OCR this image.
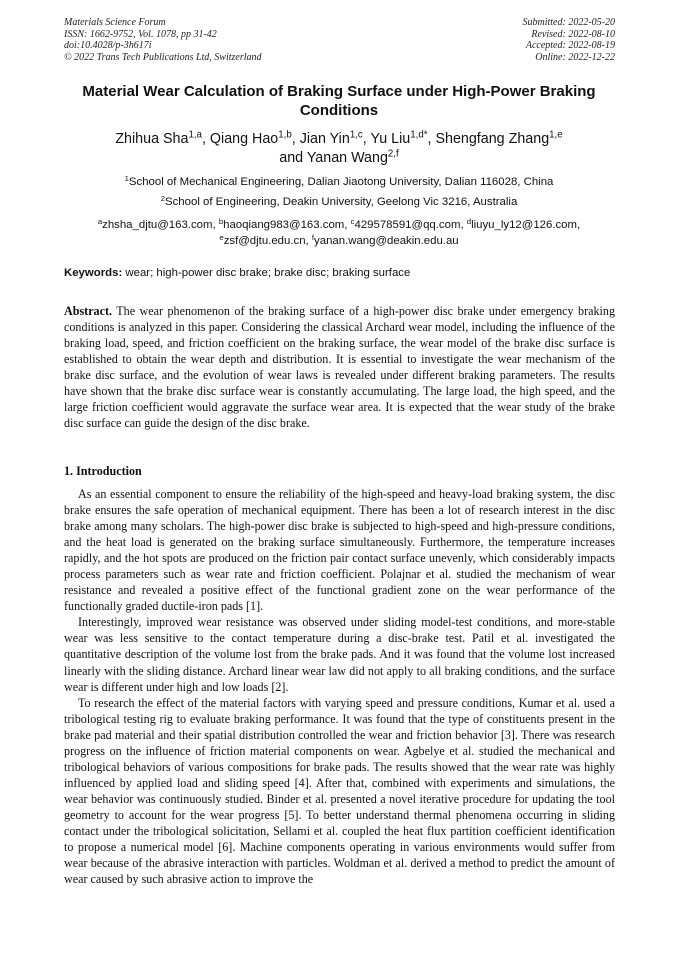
Materials Science Forum
ISSN: 1662-9752, Vol. 1078, pp 31-42
doi:10.4028/p-3h617i
© 2022 Trans Tech Publications Ltd, Switzerland
Submitted: 2022-05-20
Revised: 2022-08-10
Accepted: 2022-08-19
Online: 2022-12-22
Material Wear Calculation of Braking Surface under High-Power Braking Conditions
Zhihua Sha$^{1,a}$, Qiang Hao$^{1,b}$, Jian Yin$^{1,c}$, Yu Liu$^{1,d*}$, Shengfang Zhang$^{1,e}$
and Yanan Wang$^{2,f}$
$^1$School of Mechanical Engineering, Dalian Jiaotong University, Dalian 116028, China
$^2$School of Engineering, Deakin University, Geelong Vic 3216, Australia
$^a$zhsha_djtu@163.com, $^b$haoqiang983@163.com, $^c$429578591@qq.com, $^d$liuyu_ly12@126.com,
$^e$zsf@djtu.edu.cn, $^f$yanan.wang@deakin.edu.au
Keywords: wear; high-power disc brake; brake disc; braking surface
Abstract. The wear phenomenon of the braking surface of a high-power disc brake under emergency braking conditions is analyzed in this paper. Considering the classical Archard wear model, including the influence of the braking load, speed, and friction coefficient on the braking surface, the wear model of the brake disc surface is established to obtain the wear depth and distribution. It is essential to investigate the wear mechanism of the brake disc surface, and the evolution of wear laws is revealed under different braking parameters. The results have shown that the brake disc surface wear is constantly accumulating. The large load, the high speed, and the large friction coefficient would aggravate the surface wear area. It is expected that the wear study of the brake disc surface can guide the design of the disc brake.
1. Introduction

As an essential component to ensure the reliability of the high-speed and heavy-load braking system, the disc brake ensures the safe operation of mechanical equipment. There has been a lot of research interest in the disc brake among many scholars. The high-power disc brake is subjected to high-speed and high-pressure conditions, and the heat load is generated on the braking surface simultaneously. Furthermore, the temperature increases rapidly, and the hot spots are produced on the friction pair contact surface unevenly, which considerably impacts process parameters such as wear rate and friction coefficient. Polajnar et al. studied the mechanism of wear resistance and revealed a positive effect of the functional gradient zone on the wear performance of the functionally graded ductile-iron pads [1].

Interestingly, improved wear resistance was observed under sliding model-test conditions, and more-stable wear was less sensitive to the contact temperature during a disc-brake test. Patil et al. investigated the quantitative description of the volume lost from the brake pads. And it was found that the volume lost increased linearly with the sliding distance. Archard linear wear law did not apply to all braking conditions, and the surface wear is different under high and low loads [2].

To research the effect of the material factors with varying speed and pressure conditions, Kumar et al. used a tribological testing rig to evaluate braking performance. It was found that the type of constituents present in the brake pad material and their spatial distribution controlled the wear and friction behavior [3]. There was research progress on the influence of friction material components on wear. Agbelye et al. studied the mechanical and tribological behaviors of various compositions for brake pads. The results showed that the wear rate was highly influenced by applied load and sliding speed [4]. After that, combined with experiments and simulations, the wear behavior was continuously studied. Binder et al. presented a novel iterative procedure for updating the tool geometry to account for the wear progress [5]. To better understand thermal phenomena occurring in sliding contact under the tribological solicitation, Sellami et al. coupled the heat flux partition coefficient identification to propose a numerical model [6]. Machine components operating in various environments would suffer from wear because of the abrasive interaction with particles. Woldman et al. derived a method to predict the amount of wear caused by such abrasive action to improve the
